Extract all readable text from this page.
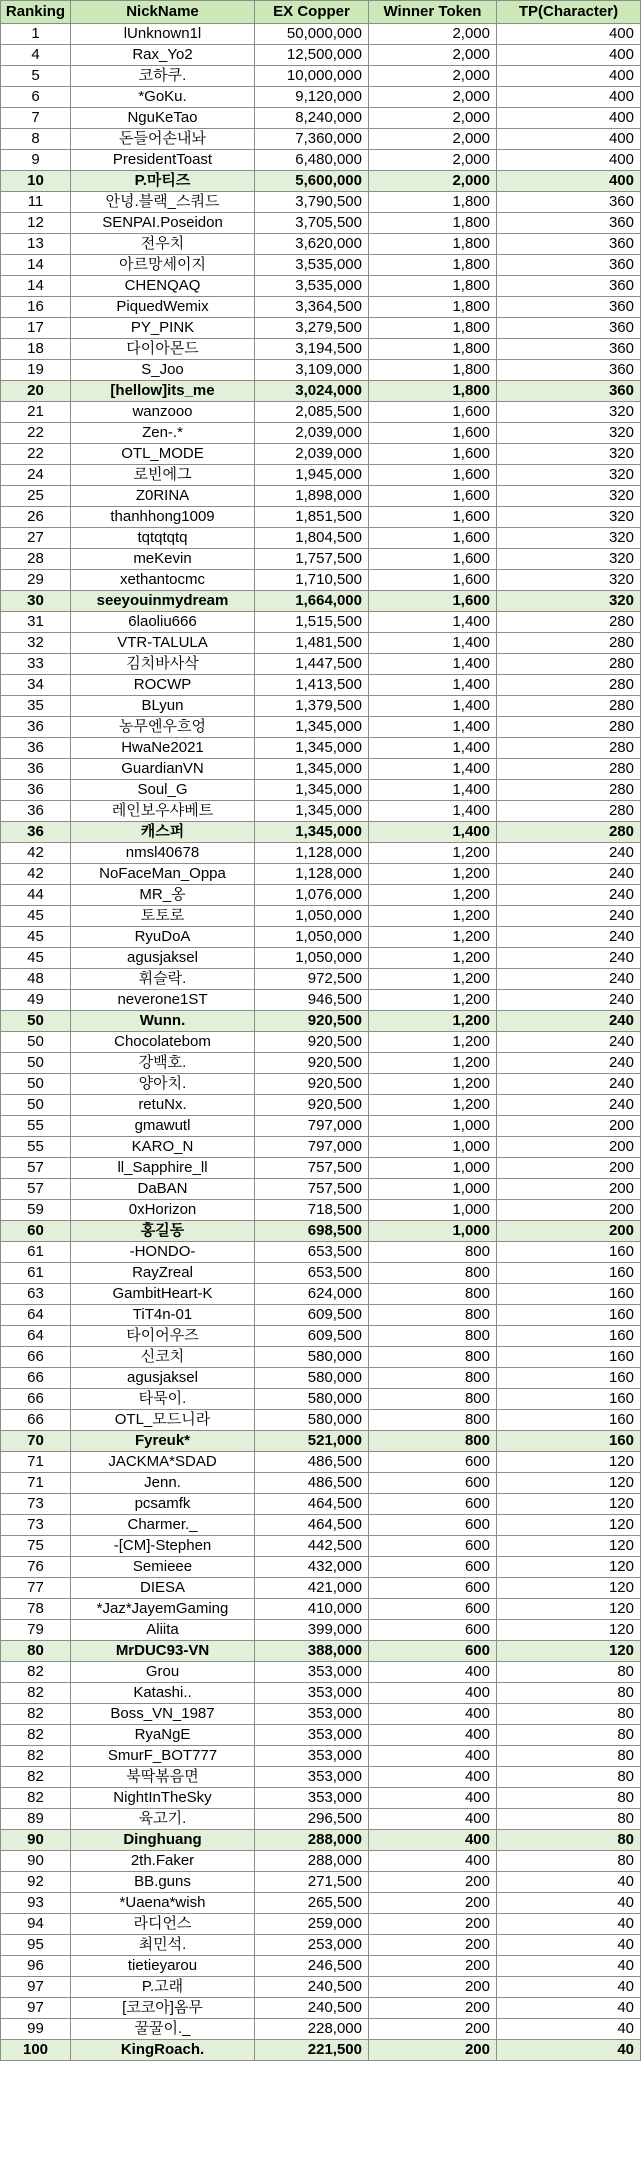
Ranking	NickName	EX Copper	Winner Token	TP(Character)
1	lUnknown1l	50,000,000	2,000	400
4	Rax_Yo2	12,500,000	2,000	400
5	코하쿠.	10,000,000	2,000	400
6	*GoKu.	9,120,000	2,000	400
7	NguKeTao	8,240,000	2,000	400
8	돈들어손내놔	7,360,000	2,000	400
9	PresidentToast	6,480,000	2,000	400
10	P.마티즈	5,600,000	2,000	400
11	안녕.블랙_스쿼드	3,790,500	1,800	360
12	SENPAI.Poseidon	3,705,500	1,800	360
13	전우치	3,620,000	1,800	360
14	아르망세이지	3,535,000	1,800	360
14	CHENQAQ	3,535,000	1,800	360
16	PiquedWemix	3,364,500	1,800	360
17	PY_PINK	3,279,500	1,800	360
18	다이아몬드	3,194,500	1,800	360
19	S_Joo	3,109,000	1,800	360
20	[hellow]its_me	3,024,000	1,800	360
21	wanzooo	2,085,500	1,600	320
22	Zen-.*	2,039,000	1,600	320
22	OTL_MODE	2,039,000	1,600	320
24	로빈에그	1,945,000	1,600	320
25	Z0RINA	1,898,000	1,600	320
26	thanhhong1009	1,851,500	1,600	320
27	tqtqtqtq	1,804,500	1,600	320
28	meKevin	1,757,500	1,600	320
29	xethantocmc	1,710,500	1,600	320
30	seeyouinmydream	1,664,000	1,600	320
31	6laoliu666	1,515,500	1,400	280
32	VTR-TALULA	1,481,500	1,400	280
33	김치바사삭	1,447,500	1,400	280
34	ROCWP	1,413,500	1,400	280
35	BLyun	1,379,500	1,400	280
36	농무엔우흐엉	1,345,000	1,400	280
36	HwaNe2021	1,345,000	1,400	280
36	GuardianVN	1,345,000	1,400	280
36	Soul_G	1,345,000	1,400	280
36	레인보우샤베트	1,345,000	1,400	280
36	캐스퍼	1,345,000	1,400	280
42	nmsl40678	1,128,000	1,200	240
42	NoFaceMan_Oppa	1,128,000	1,200	240
44	MR_옹	1,076,000	1,200	240
45	토토로	1,050,000	1,200	240
45	RyuDoA	1,050,000	1,200	240
45	agusjaksel	1,050,000	1,200	240
48	휘슬락.	972,500	1,200	240
49	neverone1ST	946,500	1,200	240
50	Wunn.	920,500	1,200	240
50	Chocolatebom	920,500	1,200	240
50	강백호.	920,500	1,200	240
50	양아치.	920,500	1,200	240
50	retuNx.	920,500	1,200	240
55	gmawutl	797,000	1,000	200
55	KARO_N	797,000	1,000	200
57	ll_Sapphire_ll	757,500	1,000	200
57	DaBAN	757,500	1,000	200
59	0xHorizon	718,500	1,000	200
60	홍길동	698,500	1,000	200
61	-HONDO-	653,500	800	160
61	RayZreal	653,500	800	160
63	GambitHeart-K	624,000	800	160
64	TiT4n-01	609,500	800	160
64	타이어우즈	609,500	800	160
66	신코치	580,000	800	160
66	agusjaksel	580,000	800	160
66	타묵이.	580,000	800	160
66	OTL_모드니라	580,000	800	160
70	Fyreuk*	521,000	800	160
71	JACKMA*SDAD	486,500	600	120
71	Jenn.	486,500	600	120
73	pcsamfk	464,500	600	120
73	Charmer._	464,500	600	120
75	-[CM]-Stephen	442,500	600	120
76	Semieee	432,000	600	120
77	DIESA	421,000	600	120
78	*Jaz*JayemGaming	410,000	600	120
79	Aliita	399,000	600	120
80	MrDUC93-VN	388,000	600	120
82	Grou	353,000	400	80
82	Katashi..	353,000	400	80
82	Boss_VN_1987	353,000	400	80
82	RyaNgE	353,000	400	80
82	SmurF_BOT777	353,000	400	80
82	북딱볶음면	353,000	400	80
82	NightInTheSky	353,000	400	80
89	육고기.	296,500	400	80
90	Dinghuang	288,000	400	80
90	2th.Faker	288,000	400	80
92	BB.guns	271,500	200	40
93	*Uaena*wish	265,500	200	40
94	라디언스	259,000	200	40
95	최민석.	253,000	200	40
96	tietieyarou	246,500	200	40
97	P.고래	240,500	200	40
97	[코코아]옴무	240,500	200	40
99	꿀꿀이._	228,000	200	40
100	KingRoach.	221,500	200	40
